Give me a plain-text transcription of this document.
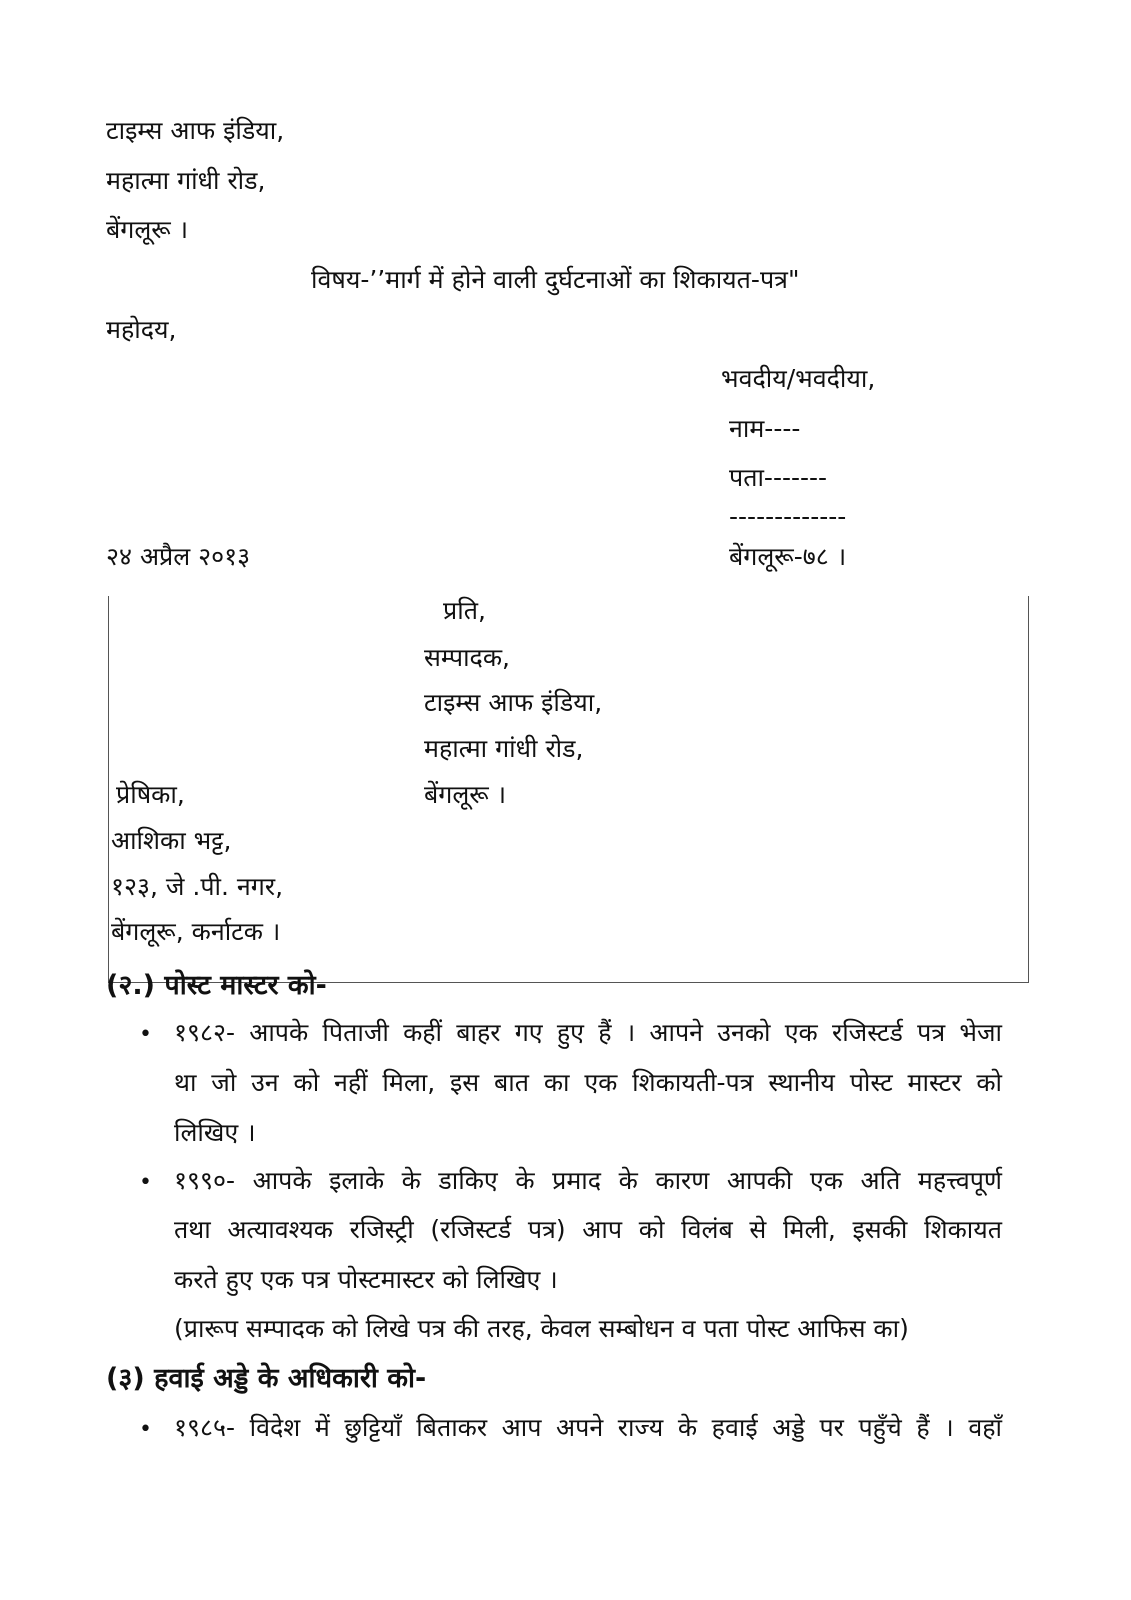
टाइम्स आफ इंडिया,
महात्मा गांधी रोड,
बेंगलूरू ।
विषय-’’मार्ग में होने वाली दुर्घटनाओं का शिकायत-पत्र"
महोदय,
भवदीय/भवदीया,
नाम----
पता-------
-------------
बेंगलूरू-७८ ।
२४ अप्रैल २०१३
प्रति,
सम्पादक,
टाइम्स आफ इंडिया,
महात्मा गांधी रोड,
बेंगलूरू ।
प्रेषिका,
आशिका भट्ट,
१२३, जे .पी. नगर,
बेंगलूरू, कर्नाटक ।
(२.) पोस्ट मास्टर को-
• १९८२- आपके पिताजी कहीं बाहर गए हुए हैं । आपने उनको एक रजिस्टर्ड पत्र भेजा
था जो उन को नहीं मिला, इस बात का एक शिकायती-पत्र स्थानीय पोस्ट मास्टर को
लिखिए ।
• १९९०- आपके इलाके के डाकिए के प्रमाद के कारण आपकी एक अति महत्त्वपूर्ण
तथा अत्यावश्यक रजिस्ट्री (रजिस्टर्ड पत्र) आप को विलंब से मिली, इसकी शिकायत
करते हुए एक पत्र पोस्टमास्टर को लिखिए ।
(प्रारूप सम्पादक को लिखे पत्र की तरह, केवल सम्बोधन व पता पोस्ट आफिस का)
(३) हवाई अड्डे के अधिकारी को-
• १९८५- विदेश में छुट्टियाँ बिताकर आप अपने राज्य के हवाई अड्डे पर पहुँचे हैं । वहाँ
